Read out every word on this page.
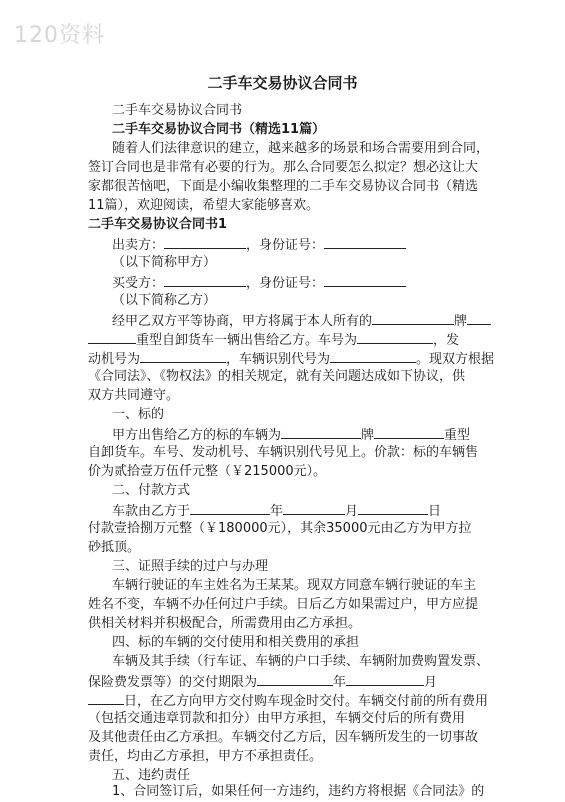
120资料
二手车交易协议合同书
二手车交易协议合同书
二手车交易协议合同书（精选11篇）
随着人们法律意识的建立，越来越多的场景和场合需要用到合同，
签订合同也是非常有必要的行为。那么合同要怎么拟定？想必这让大
家都很苦恼吧，下面是小编收集整理的二手车交易协议合同书（精选
11篇），欢迎阅读，希望大家能够喜欢。
二手车交易协议合同书1
出卖方：	，身份证号：
（以下简称甲方）
买受方：	，身份证号：
（以下简称乙方）
经甲乙双方平等协商，甲方将属于本人所有的	牌
重型自卸货车一辆出售给乙方。车号为	，发
动机号为	，车辆识别代号为	。现双方根据
《合同法》、《物权法》的相关规定，就有关问题达成如下协议，供
双方共同遵守。
一、标的
甲方出售给乙方的标的车辆为	牌	重型
自卸货车。车号、发动机号、车辆识别代号见上。价款：标的车辆售
价为贰拾壹万伍仟元整（￥215000元）。
二、付款方式
车款由乙方于	年	月	日
付款壹拾捌万元整（￥180000元），其余35000元由乙方为甲方拉
砂抵顶。
三、证照手续的过户与办理
车辆行驶证的车主姓名为王某某。现双方同意车辆行驶证的车主
姓名不变，车辆不办任何过户手续。日后乙方如果需过户，甲方应提
供相关材料并积极配合，所需费用由乙方承担。
四、标的车辆的交付使用和相关费用的承担
车辆及其手续（行车证、车辆的户口手续、车辆附加费购置发票、
保险费发票等）的交付期限为	年	月
日，在乙方向甲方交付购车现金时交付。车辆交付前的所有费用
（包括交通违章罚款和扣分）由甲方承担，车辆交付后的所有费用
及其他责任由乙方承担。车辆交付乙方后，因车辆所发生的一切事故
责任，均由乙方承担，甲方不承担责任。
五、违约责任
1、合同签订后，如果任何一方违约，违约方将根据《合同法》的
